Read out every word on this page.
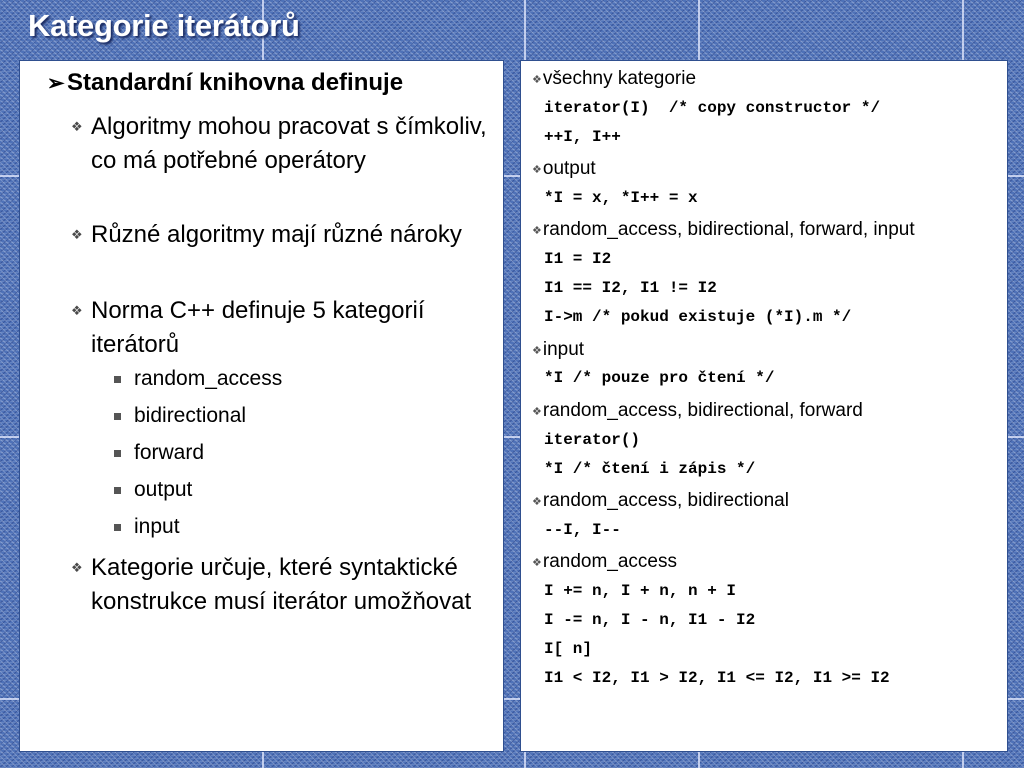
Kategorie iterátorů
➢Standardní knihovna definuje
❖ Algoritmy mohou pracovat s čímkoliv, co má potřebné operátory
❖ Různé algoritmy mají různé nároky
❖ Norma C++ definuje 5 kategorií iterátorů
random_access
bidirectional
forward
output
input
❖ Kategorie určuje, které syntaktické konstrukce musí iterátor umožňovat
❖všechny kategorie
iterator(I)  /* copy constructor */
++I, I++
❖output
*I = x, *I++ = x
❖random_access, bidirectional, forward, input
I1 = I2
I1 == I2, I1 != I2
I->m /* pokud existuje (*I).m */
❖input
*I /* pouze pro čtení */
❖random_access, bidirectional, forward
iterator()
*I /* čtení i zápis */
❖random_access, bidirectional
--I, I--
❖random_access
I += n, I + n, n + I
I -= n, I - n, I1 - I2
I[ n]
I1 < I2, I1 > I2, I1 <= I2, I1 >= I2
